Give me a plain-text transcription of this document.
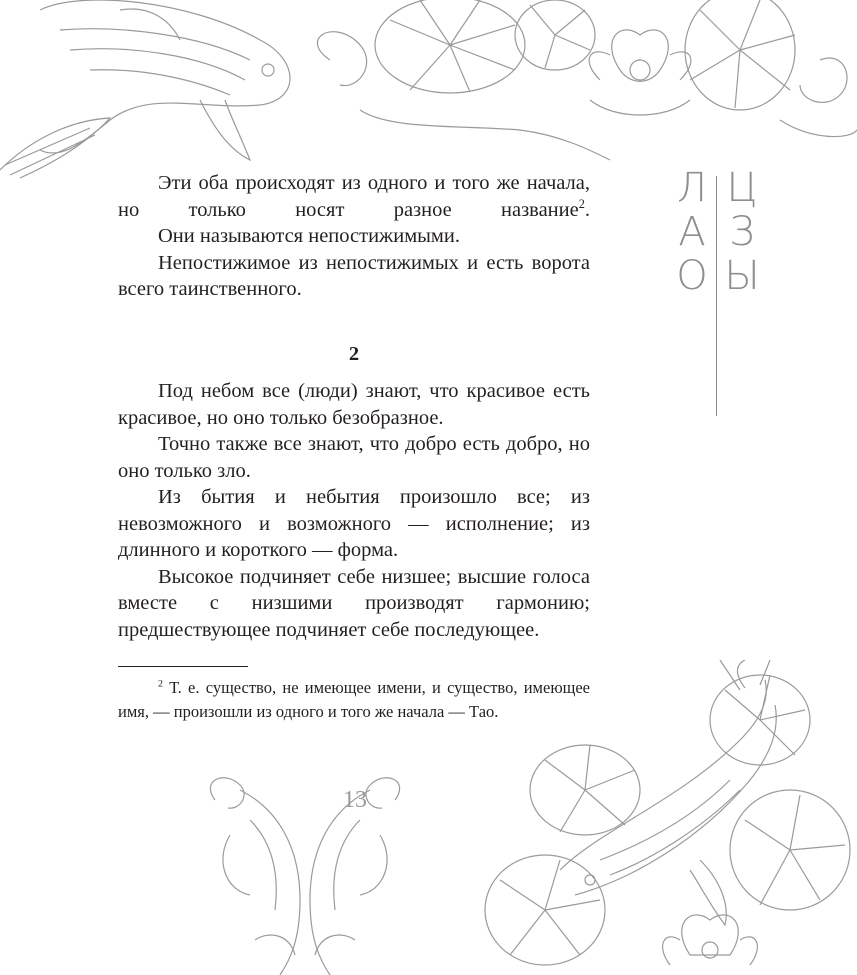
Эти оба происходят из одного и того же начала, но только носят разное название$^2$.

Они называются непостижимыми.

Непостижимое из непостижимых и есть ворота всего таинственного.

2

Под небом все (люди) знают, что красивое есть красивое, но оно только безобразное.

Точно также все знают, что добро есть добро, но оно только зло.

Из бытия и небытия произошло все; из невозможного и возможного — исполнение; из длинного и короткого — форма.

Высокое подчиняет себе низшее; высшие голоса вместе с низшими производят гармонию; предшествующее подчиняет себе последующее.

$^2$ Т. е. существо, не имеющее имени, и существо, имеющее имя, — произошли из одного и того же начала — Тао.

Л
А
О
Ц
З
Ы
13
